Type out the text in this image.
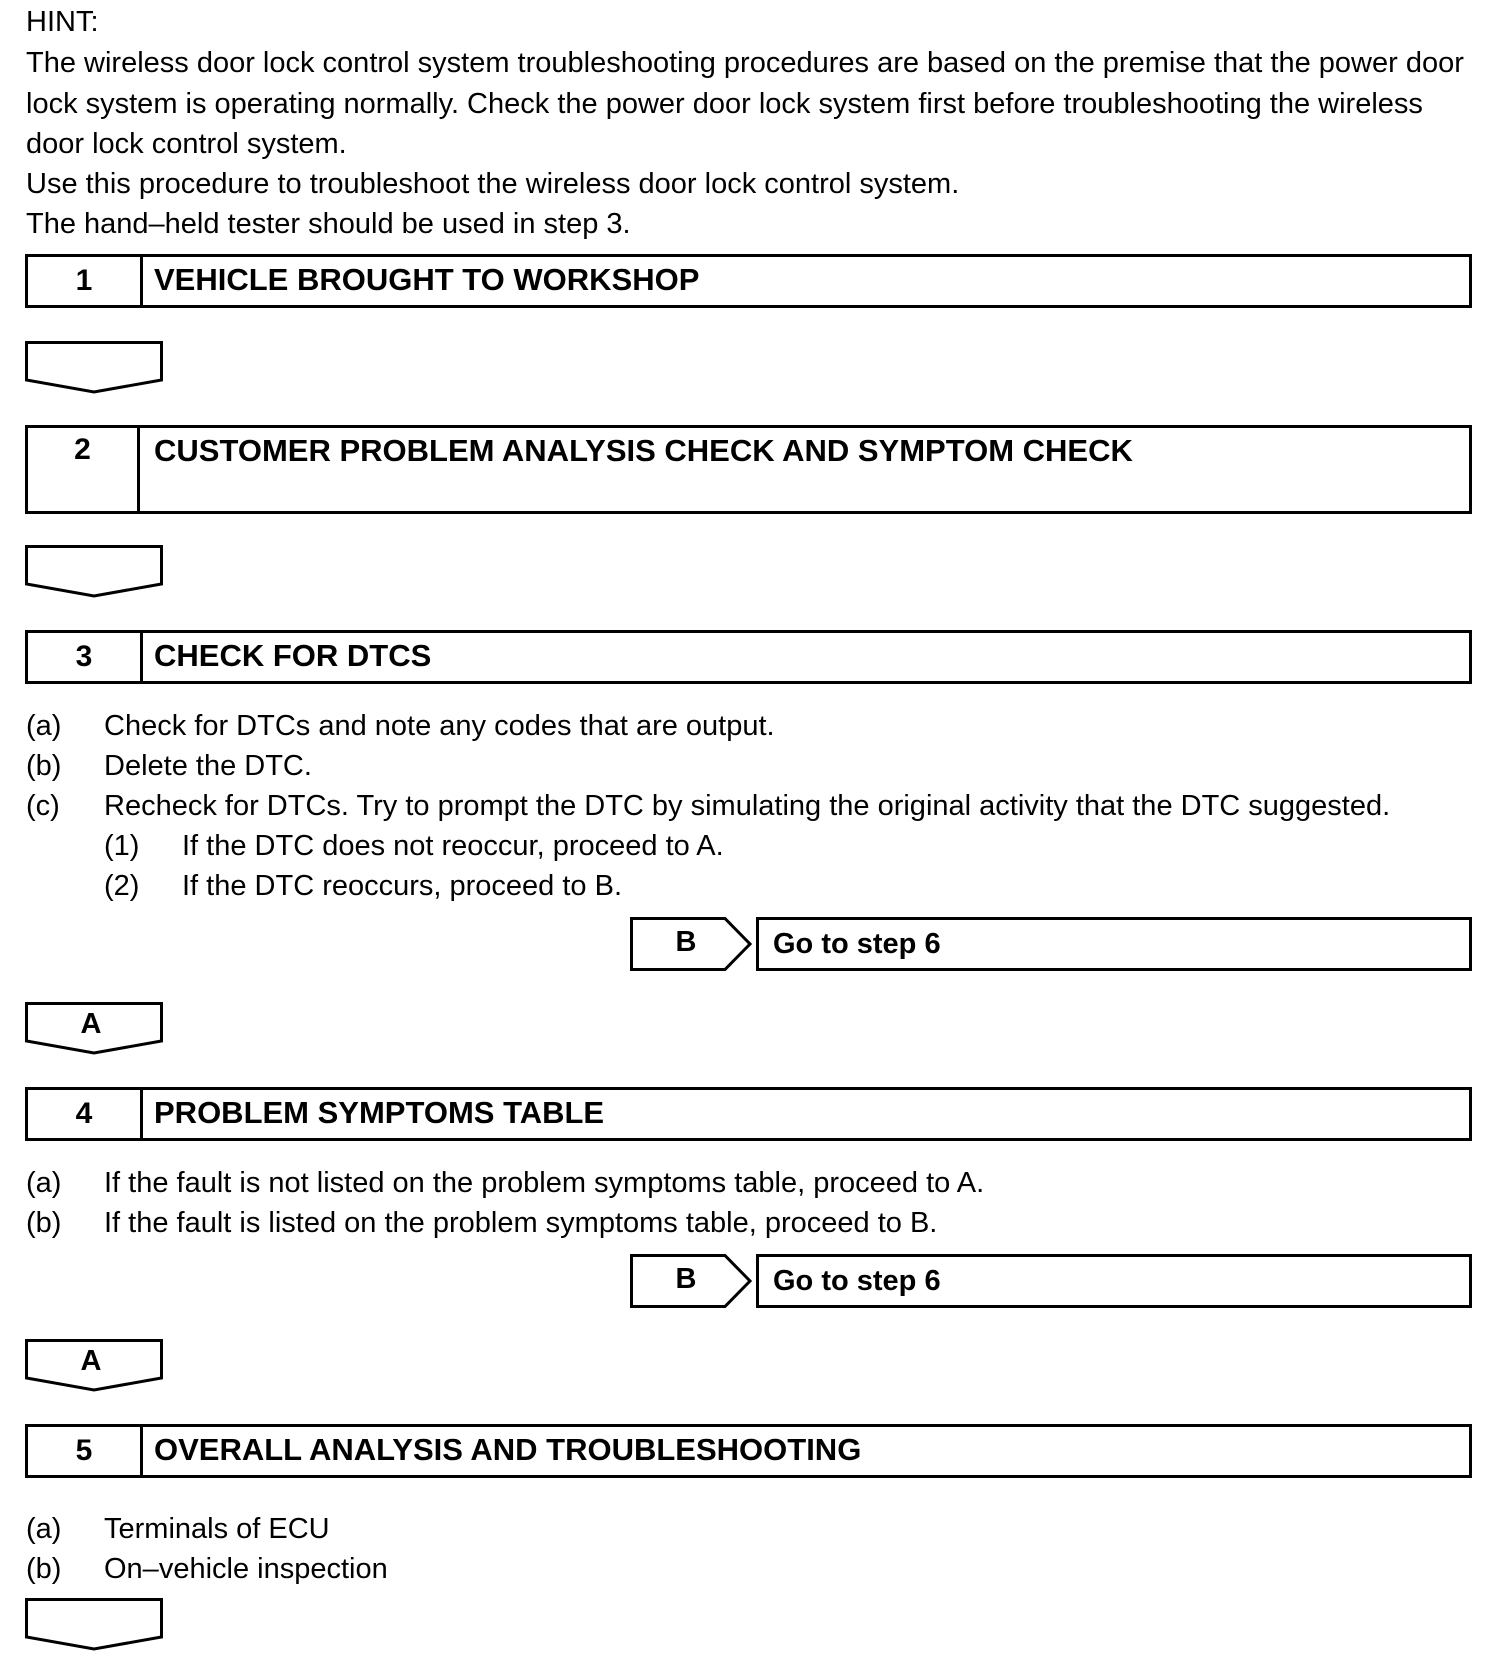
HINT:
The wireless door lock control system troubleshooting procedures are based on the premise that the power door lock system is operating normally. Check the power door lock system first before troubleshooting the wireless door lock control system.
Use this procedure to troubleshoot the wireless door lock control system.
The hand–held tester should be used in step 3.
1	VEHICLE BROUGHT TO WORKSHOP
2	CUSTOMER PROBLEM ANALYSIS CHECK AND SYMPTOM CHECK
3	CHECK FOR DTCS
(a) Check for DTCs and note any codes that are output.
(b) Delete the DTC.
(c) Recheck for DTCs. Try to prompt the DTC by simulating the original activity that the DTC suggested.
(1) If the DTC does not reoccur, proceed to A.
(2) If the DTC reoccurs, proceed to B.
B	Go to step 6
A
4	PROBLEM SYMPTOMS TABLE
(a) If the fault is not listed on the problem symptoms table, proceed to A.
(b) If the fault is listed on the problem symptoms table, proceed to B.
B	Go to step 6
A
5	OVERALL ANALYSIS AND TROUBLESHOOTING
(a) Terminals of ECU
(b) On–vehicle inspection
